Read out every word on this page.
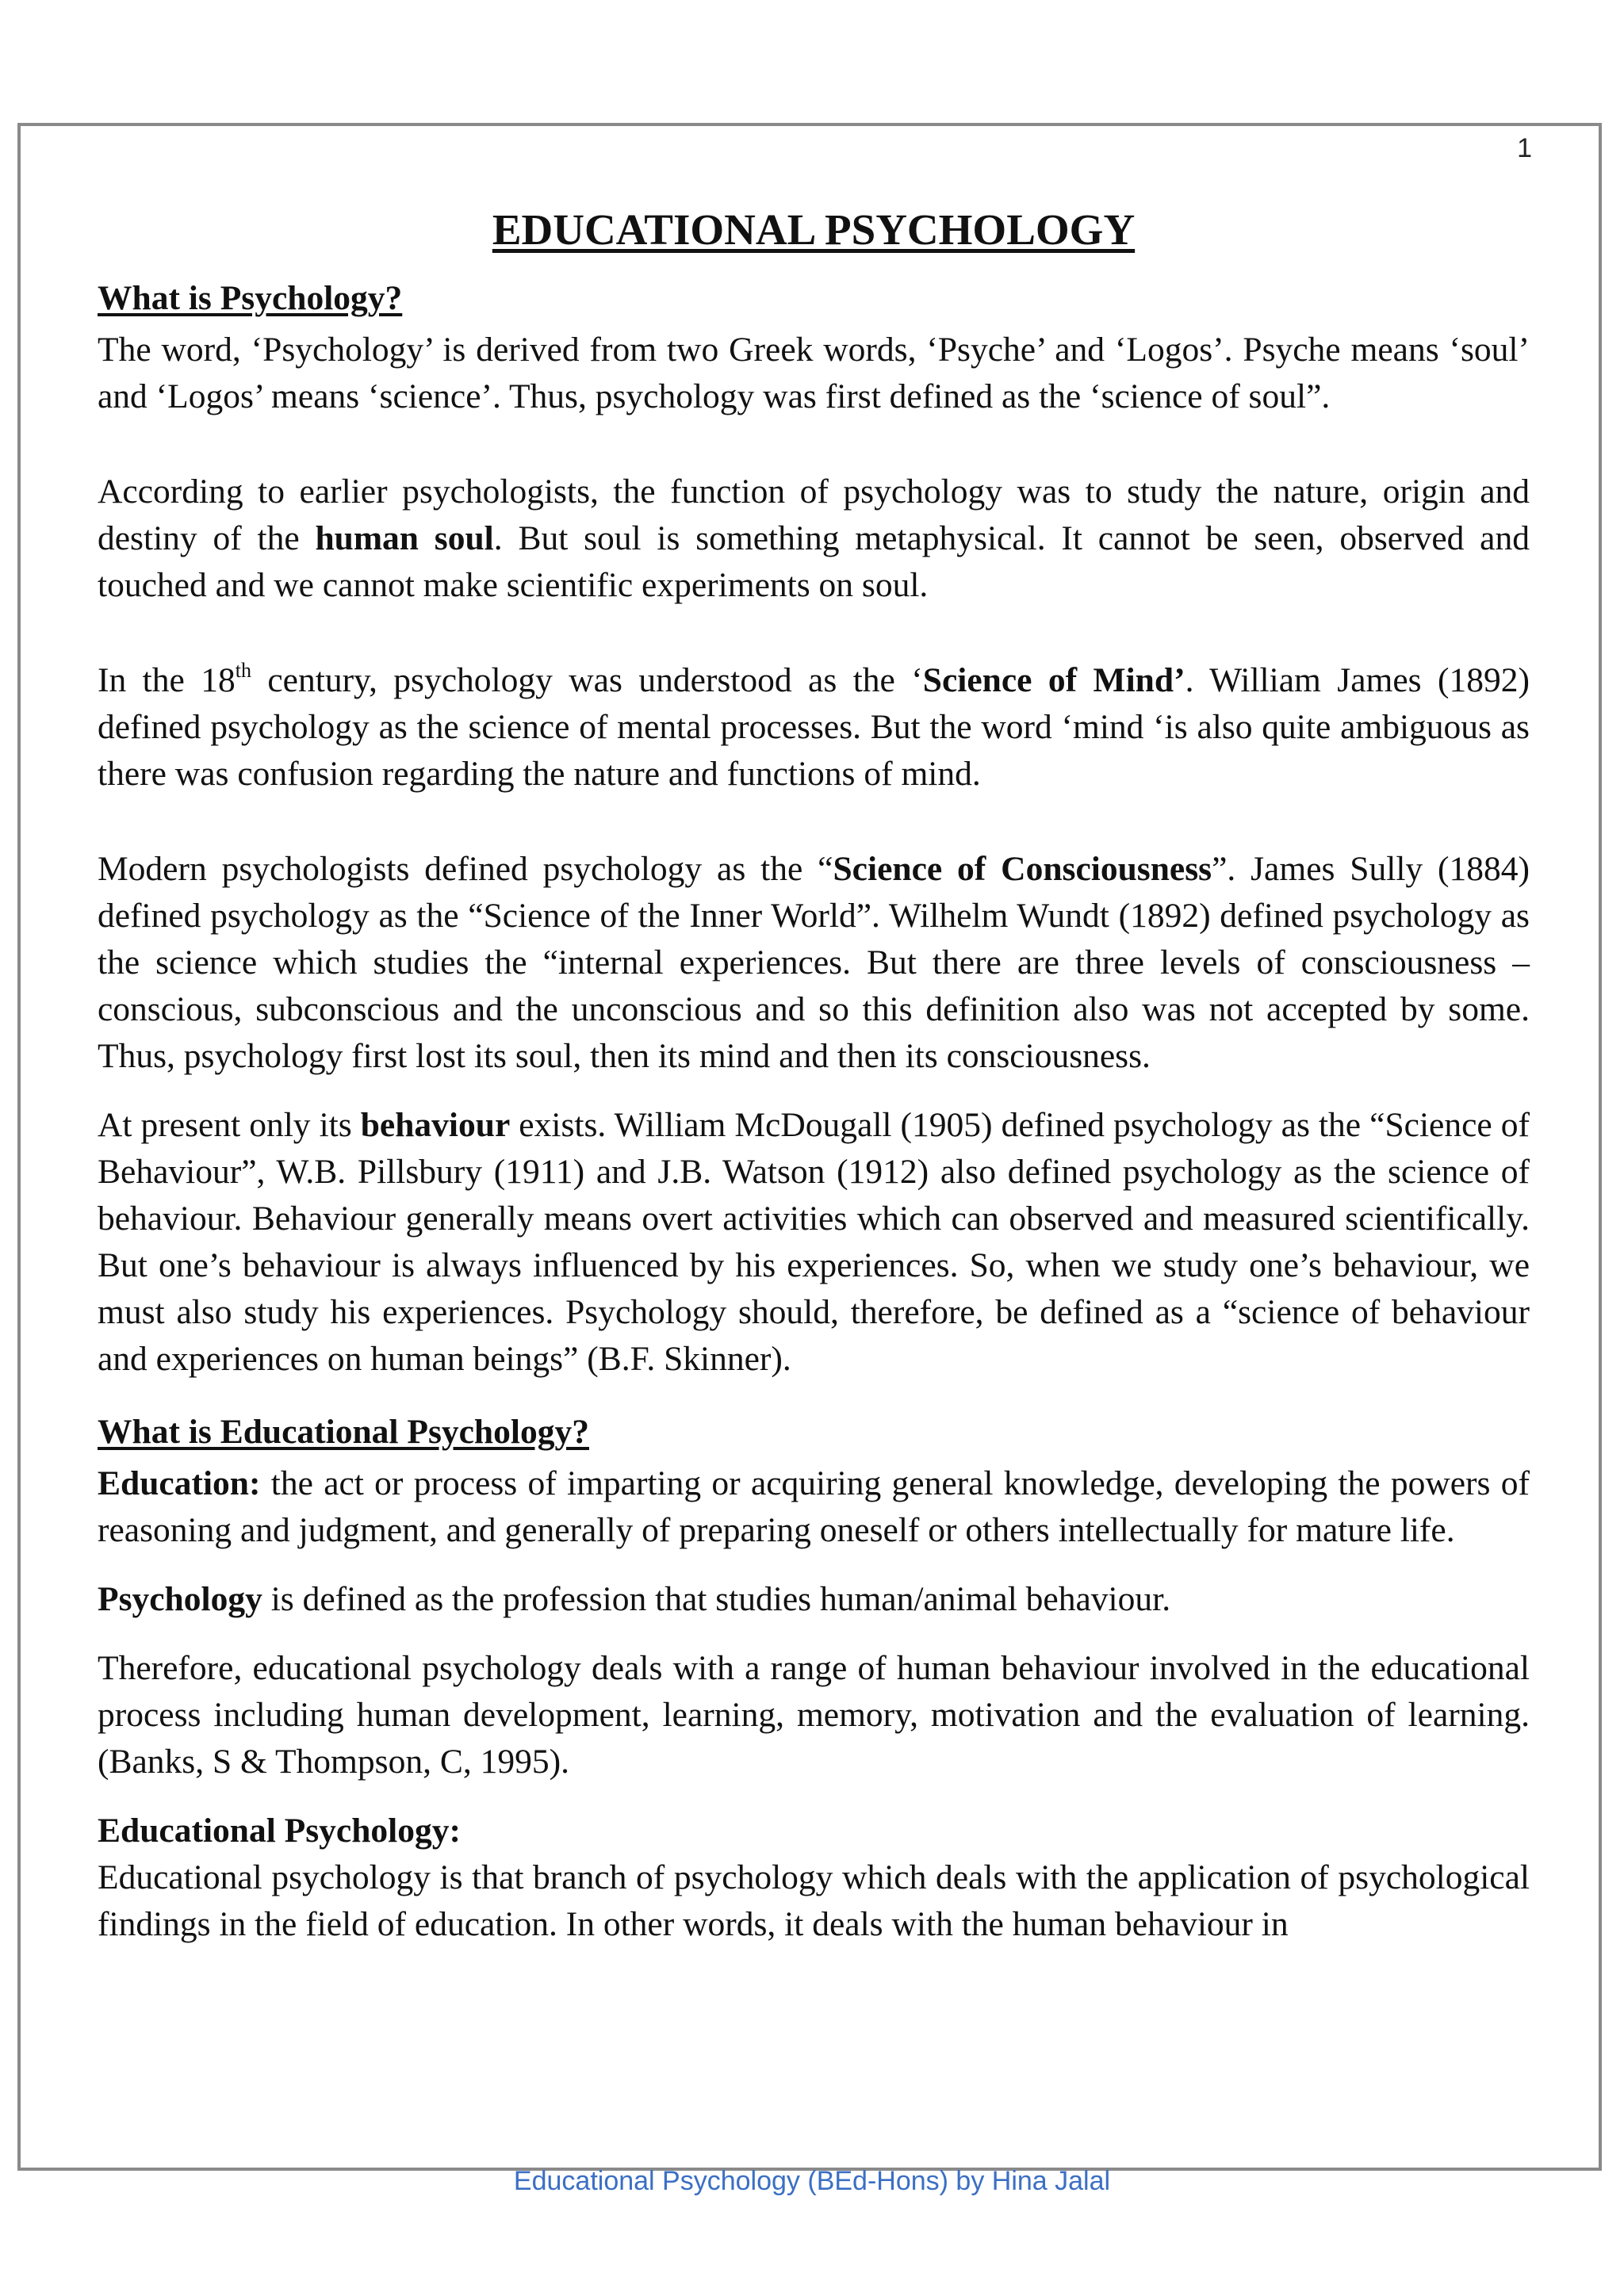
1
EDUCATIONAL PSYCHOLOGY
What is Psychology?

The word, ‘Psychology’ is derived from two Greek words, ‘Psyche’ and ‘Logos’. Psyche means ‘soul’ and ‘Logos’ means ‘science’. Thus, psychology was first defined as the ‘science of soul”.

According to earlier psychologists, the function of psychology was to study the nature, origin and destiny of the human soul. But soul is something metaphysical. It cannot be seen, observed and touched and we cannot make scientific experiments on soul.

In the 18th century, psychology was understood as the ‘Science of Mind’. William James (1892) defined psychology as the science of mental processes. But the word ‘mind ‘is also quite ambiguous as there was confusion regarding the nature and functions of mind.

Modern psychologists defined psychology as the “Science of Consciousness”. James Sully (1884) defined psychology as the “Science of the Inner World”. Wilhelm Wundt (1892) defined psychology as the science which studies the “internal experiences. But there are three levels of consciousness – conscious, subconscious and the unconscious and so this definition also was not accepted by some. Thus, psychology first lost its soul, then its mind and then its consciousness.

At present only its behaviour exists. William McDougall (1905) defined psychology as the “Science of Behaviour”, W.B. Pillsbury (1911) and J.B. Watson (1912) also defined psychology as the science of behaviour. Behaviour generally means overt activities which can observed and measured scientifically. But one’s behaviour is always influenced by his experiences. So, when we study one’s behaviour, we must also study his experiences. Psychology should, therefore, be defined as a “science of behaviour and experiences on human beings” (B.F. Skinner).

What is Educational Psychology?

Education: the act or process of imparting or acquiring general knowledge, developing the powers of reasoning and judgment, and generally of preparing oneself or others intellectually for mature life.

Psychology is defined as the profession that studies human/animal behaviour.

Therefore, educational psychology deals with a range of human behaviour involved in the educational process including human development, learning, memory, motivation and the evaluation of learning. (Banks, S & Thompson, C, 1995).

Educational Psychology:

Educational psychology is that branch of psychology which deals with the application of psychological findings in the field of education. In other words, it deals with the human behaviour in

Educational Psychology (BEd-Hons) by Hina Jalal
